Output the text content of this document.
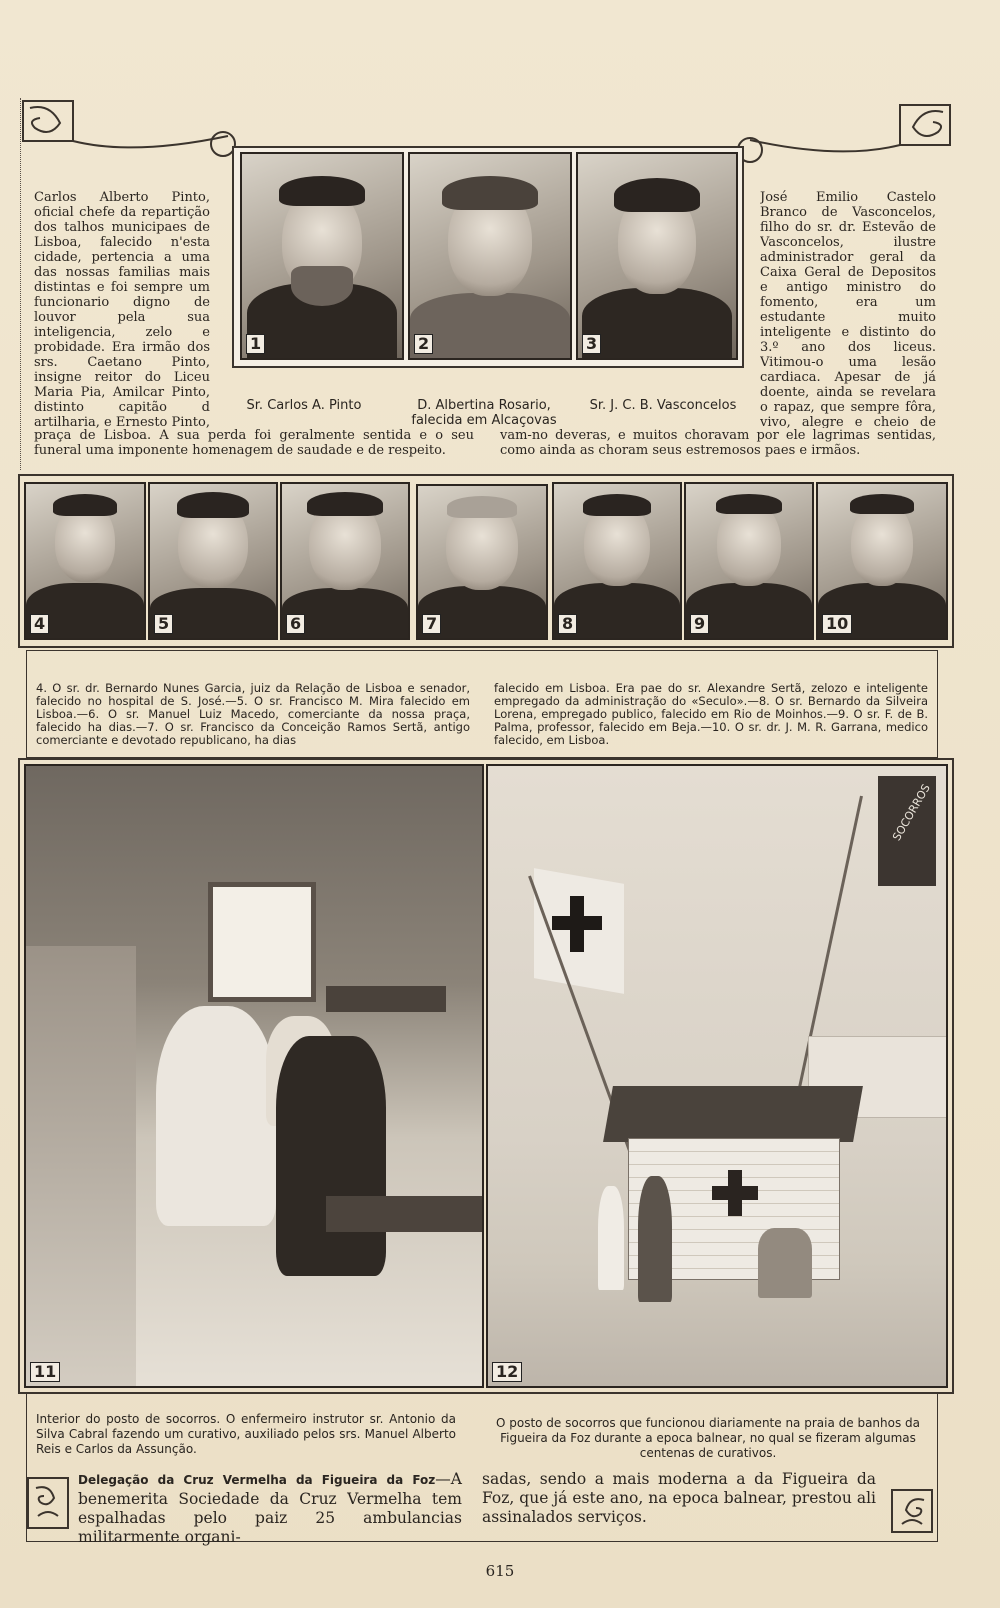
Carlos Alberto Pinto, oficial chefe da repartição dos talhos municipaes de Lisboa, falecido n'esta cidade, pertencia a uma das nossas familias mais distintas e foi sempre um funcionario digno de louvor pela sua inteligencia, zelo e probidade. Era irmão dos srs. Caetano Pinto, insigne reitor do Liceu Maria Pia, Amilcar Pinto, distinto capitão d artilharia, e Ernesto Pinto,
praça de Lisboa. A sua perda foi geralmente sentida e o seu funeral uma imponente homenagem de saudade e de respeito.
José Emilio Castelo Branco de Vasconcelos, filho do sr. dr. Estevão de Vasconcelos, ilustre administrador geral da Caixa Geral de Depositos e antigo ministro do fomento, era um estudante muito inteligente e distinto do 3.º ano dos liceus. Vitimou-o uma lesão cardiaca. Apesar de já doente, ainda se revelara o rapaz, que sempre fôra, vivo, alegre e cheio de
vam-no deveras, e muitos choravam por ele lagrimas sentidas, como ainda as choram seus estremosos paes e irmãos.
1	2	3
Sr. Carlos A. Pinto	D. Albertina Rosario, falecida em Alcaçovas
Sr. J. C. B. Vasconcelos
4	5	6	7	8	9	10
4. O sr. dr. Bernardo Nunes Garcia, juiz da Relação de Lisboa e senador, falecido no hospital de S. José.—5. O sr. Francisco M. Mira falecido em Lisboa.—6. O sr. Manuel Luiz Macedo, comerciante da nossa praça, falecido ha dias.—7. O sr. Francisco da Conceição Ramos Sertã, antigo comerciante e devotado republicano, ha dias
falecido em Lisboa. Era pae do sr. Alexandre Sertã, zelozo e inteligente empregado da administração do «Seculo».—8. O sr. Bernardo da Silveira Lorena, empregado publico, falecido em Rio de Moinhos.—9. O sr. F. de B. Palma, professor, falecido em Beja.—10. O sr. dr. J. M. R. Garrana, medico falecido, em Lisboa.
11
SOCORROS
12
Interior do posto de socorros. O enfermeiro instrutor sr. Antonio da Silva Cabral fazendo um curativo, auxiliado pelos srs. Manuel Alberto Reis e Carlos da Assunção.
O posto de socorros que funcionou diariamente na praia de banhos da Figueira da Foz durante a epoca balnear, no qual se fizeram algumas centenas de curativos.
Delegação da Cruz Vermelha da Figueira da Foz—A benemerita Sociedade da Cruz Vermelha tem espalhadas pelo paiz 25 ambulancias militarmente organi-
sadas, sendo a mais moderna a da Figueira da Foz, que já este ano, na epoca balnear, prestou ali assinalados serviços.
615
